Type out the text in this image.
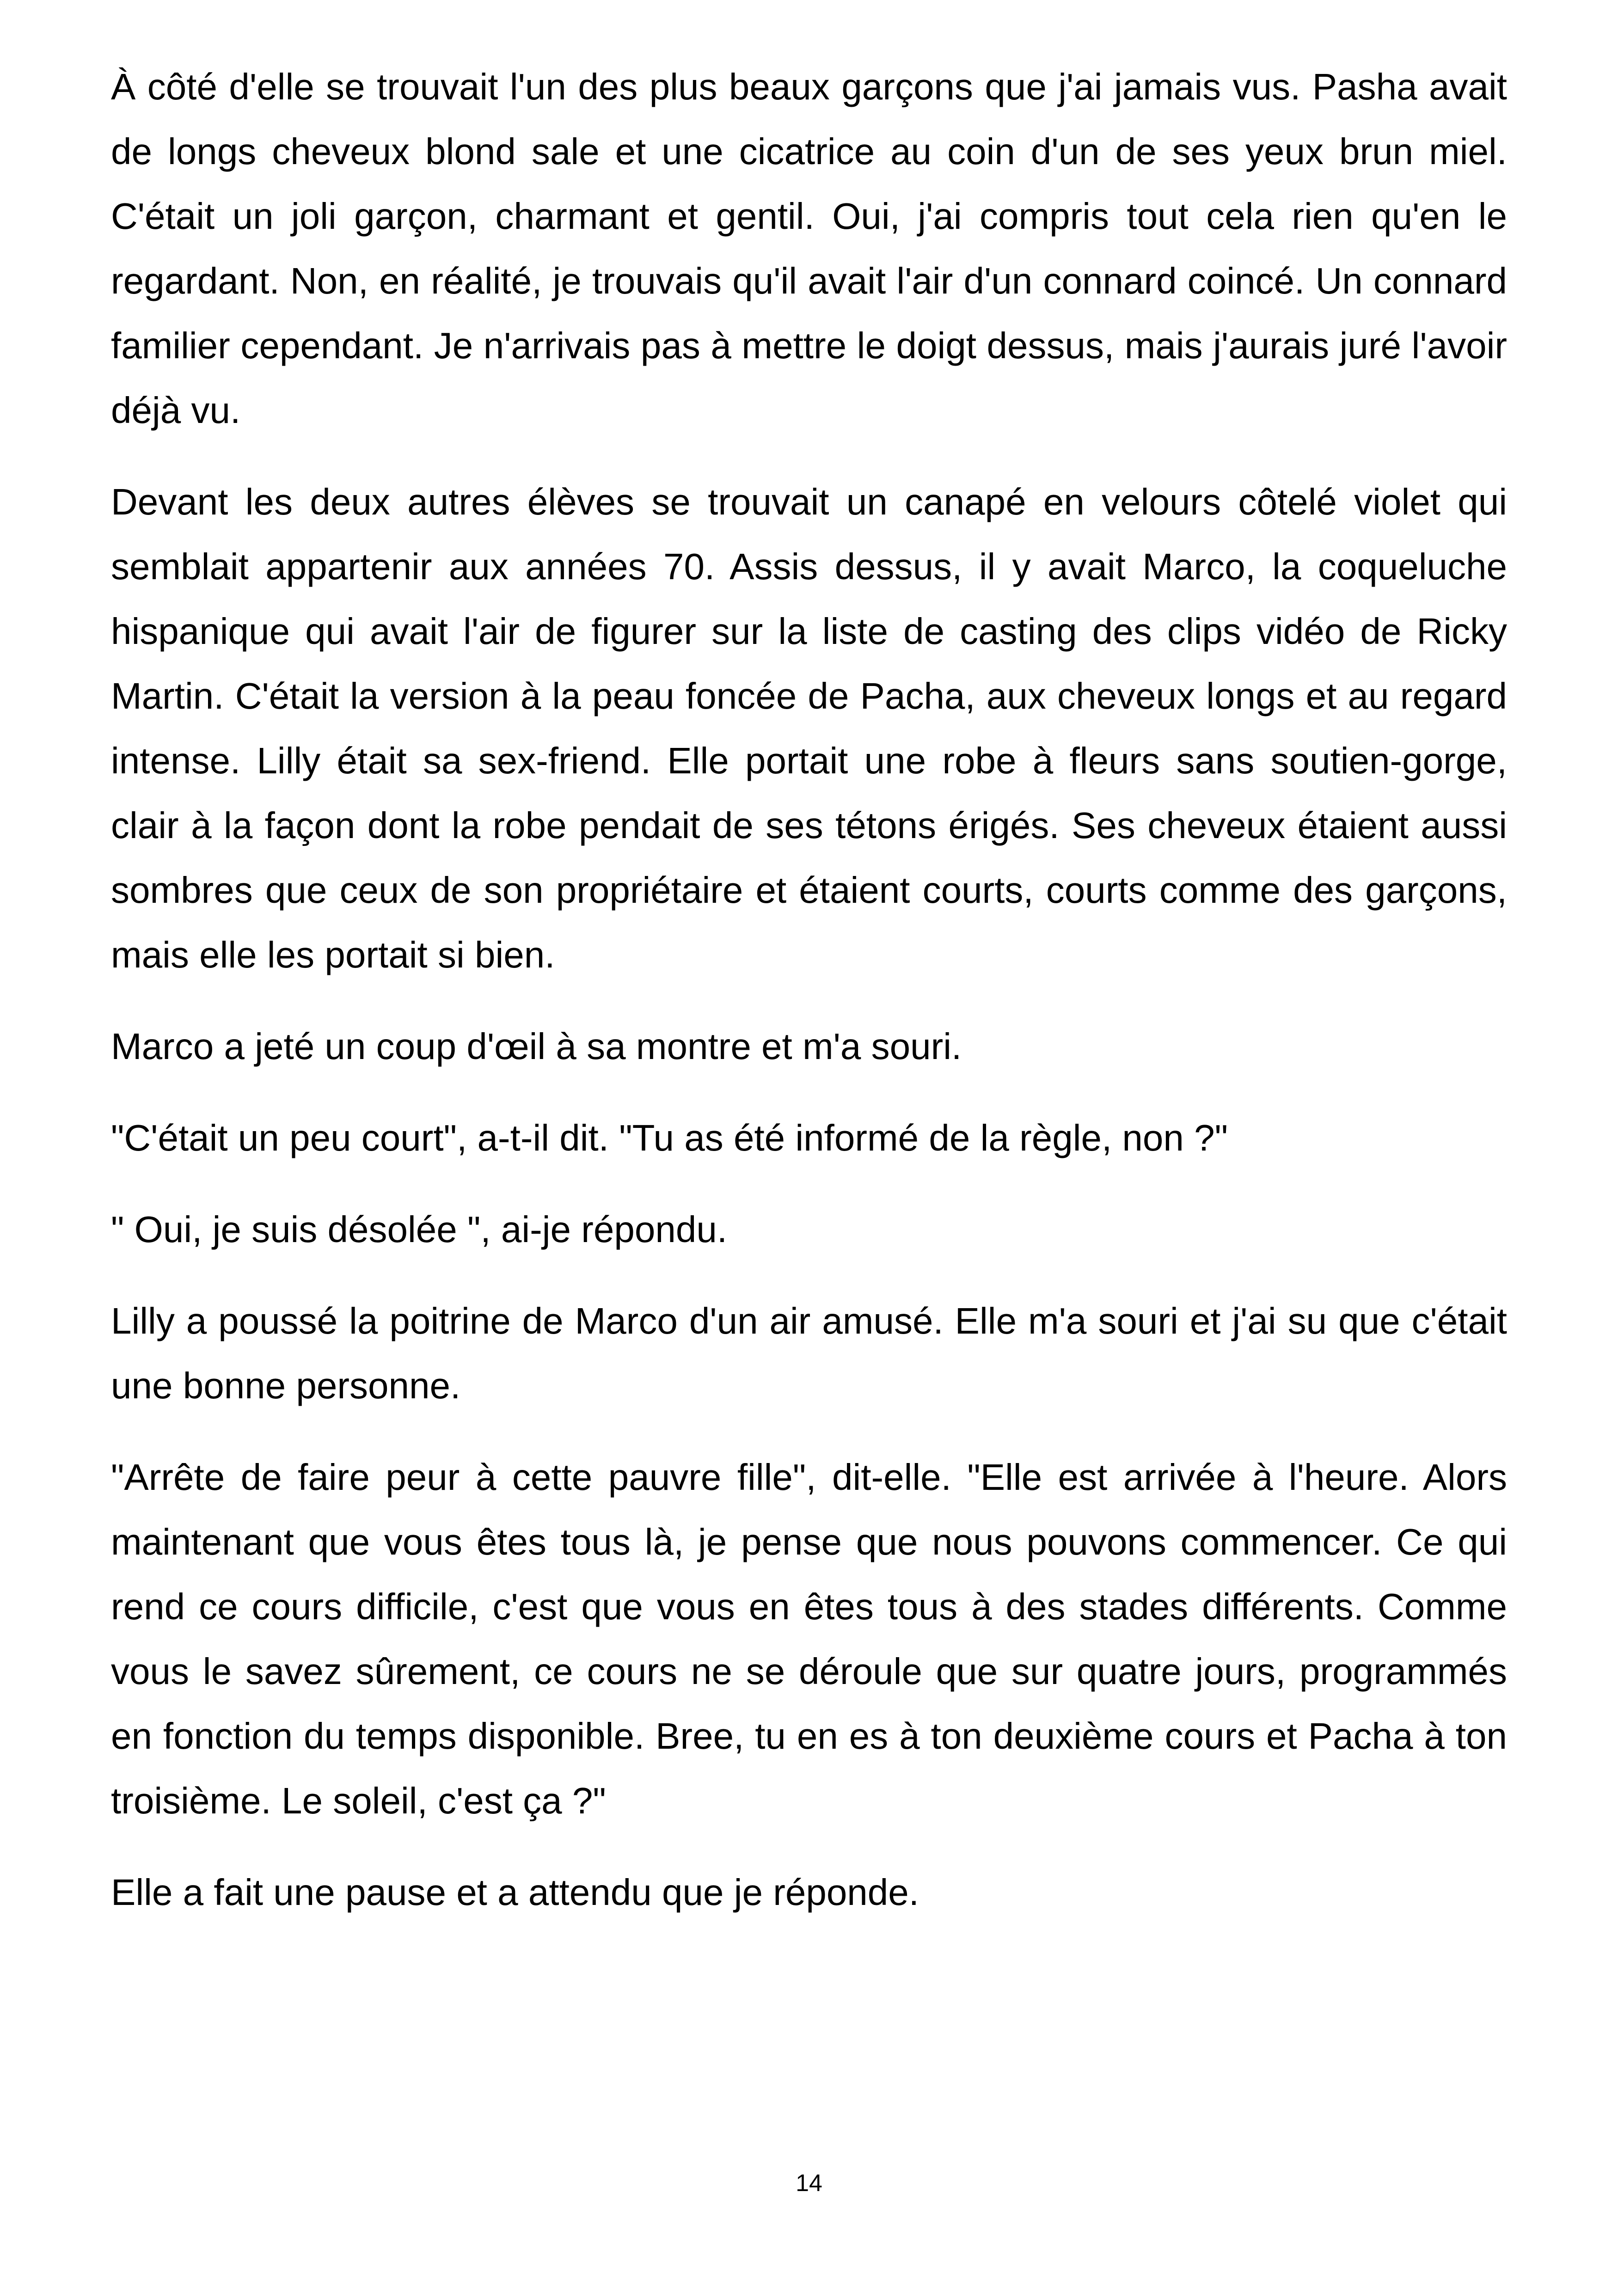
À côté d'elle se trouvait l'un des plus beaux garçons que j'ai jamais vus. Pasha avait de longs cheveux blond sale et une cicatrice au coin d'un de ses yeux brun miel. C'était un joli garçon, charmant et gentil. Oui, j'ai compris tout cela rien qu'en le regardant. Non, en réalité, je trouvais qu'il avait l'air d'un connard coincé. Un connard familier cependant. Je n'arrivais pas à mettre le doigt dessus, mais j'aurais juré l'avoir déjà vu.

Devant les deux autres élèves se trouvait un canapé en velours côtelé violet qui semblait appartenir aux années 70. Assis dessus, il y avait Marco, la coqueluche hispanique qui avait l'air de figurer sur la liste de casting des clips vidéo de Ricky Martin. C'était la version à la peau foncée de Pacha, aux cheveux longs et au regard intense. Lilly était sa sex-friend. Elle portait une robe à fleurs sans soutien-gorge, clair à la façon dont la robe pendait de ses tétons érigés. Ses cheveux étaient aussi sombres que ceux de son propriétaire et étaient courts, courts comme des garçons, mais elle les portait si bien.

Marco a jeté un coup d'œil à sa montre et m'a souri.

"C'était un peu court", a-t-il dit. "Tu as été informé de la règle, non ?"

" Oui, je suis désolée ", ai-je répondu.

Lilly a poussé la poitrine de Marco d'un air amusé. Elle m'a souri et j'ai su que c'était une bonne personne.

"Arrête de faire peur à cette pauvre fille", dit-elle. "Elle est arrivée à l'heure. Alors maintenant que vous êtes tous là, je pense que nous pouvons commencer. Ce qui rend ce cours difficile, c'est que vous en êtes tous à des stades différents. Comme vous le savez sûrement, ce cours ne se déroule que sur quatre jours, programmés en fonction du temps disponible. Bree, tu en es à ton deuxième cours et Pacha à ton troisième. Le soleil, c'est ça ?"

Elle a fait une pause et a attendu que je réponde.

14
